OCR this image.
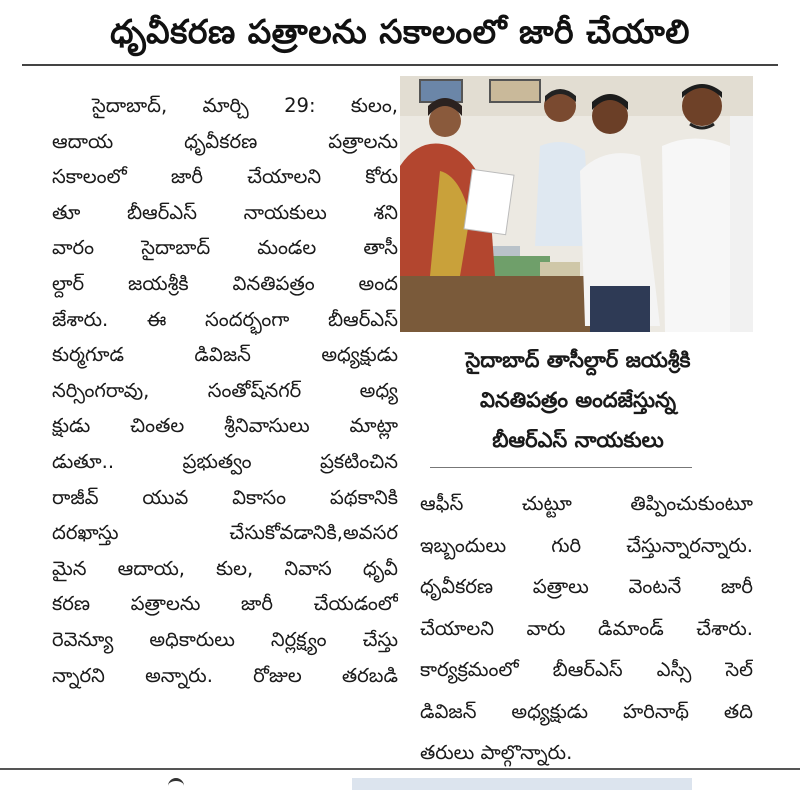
ధృవీకరణ పత్రాలను సకాలంలో జారీ చేయాలి
సైదాబాద్, మార్చి 29: కులం,
ఆదాయ ధృవీకరణ పత్రాలను
సకాలంలో జారీ చేయాలని కోరు
తూ బీఆర్ఎస్ నాయకులు శని
వారం సైదాబాద్ మండల తాసీ
ల్దార్ జయశ్రీకి వినతిపత్రం అంద
జేశారు. ఈ సందర్భంగా బీఆర్ఎస్
కుర్మగూడ డివిజన్ అధ్యక్షుడు
నర్సింగరావు, సంతోష్‌నగర్ అధ్య
క్షుడు చింతల శ్రీనివాసులు మాట్లా
డుతూ.. ప్రభుత్వం ప్రకటించిన
రాజీవ్ యువ వికాసం పథకానికి
దరఖాస్తు చేసుకోవడానికి,అవసర
మైన ఆదాయ, కుల, నివాస ధృవీ
కరణ పత్రాలను జారీ చేయడంలో
రెవెన్యూ అధికారులు నిర్లక్ష్యం చేస్తు
న్నారని అన్నారు. రోజుల తరబడి
సైదాబాద్ తాసీల్దార్ జయశ్రీకి
వినతిపత్రం అందజేస్తున్న
బీఆర్ఎస్ నాయకులు
ఆఫీస్ చుట్టూ తిప్పించుకుంటూ
ఇబ్బందులు గురి చేస్తున్నారన్నారు.
ధృవీకరణ పత్రాలు వెంటనే జారీ
చేయాలని వారు డిమాండ్ చేశారు.
కార్యక్రమంలో బీఆర్ఎస్ ఎస్సీ సెల్
డివిజన్ అధ్యక్షుడు హరినాథ్ తది
తరులు పాల్గొన్నారు.
